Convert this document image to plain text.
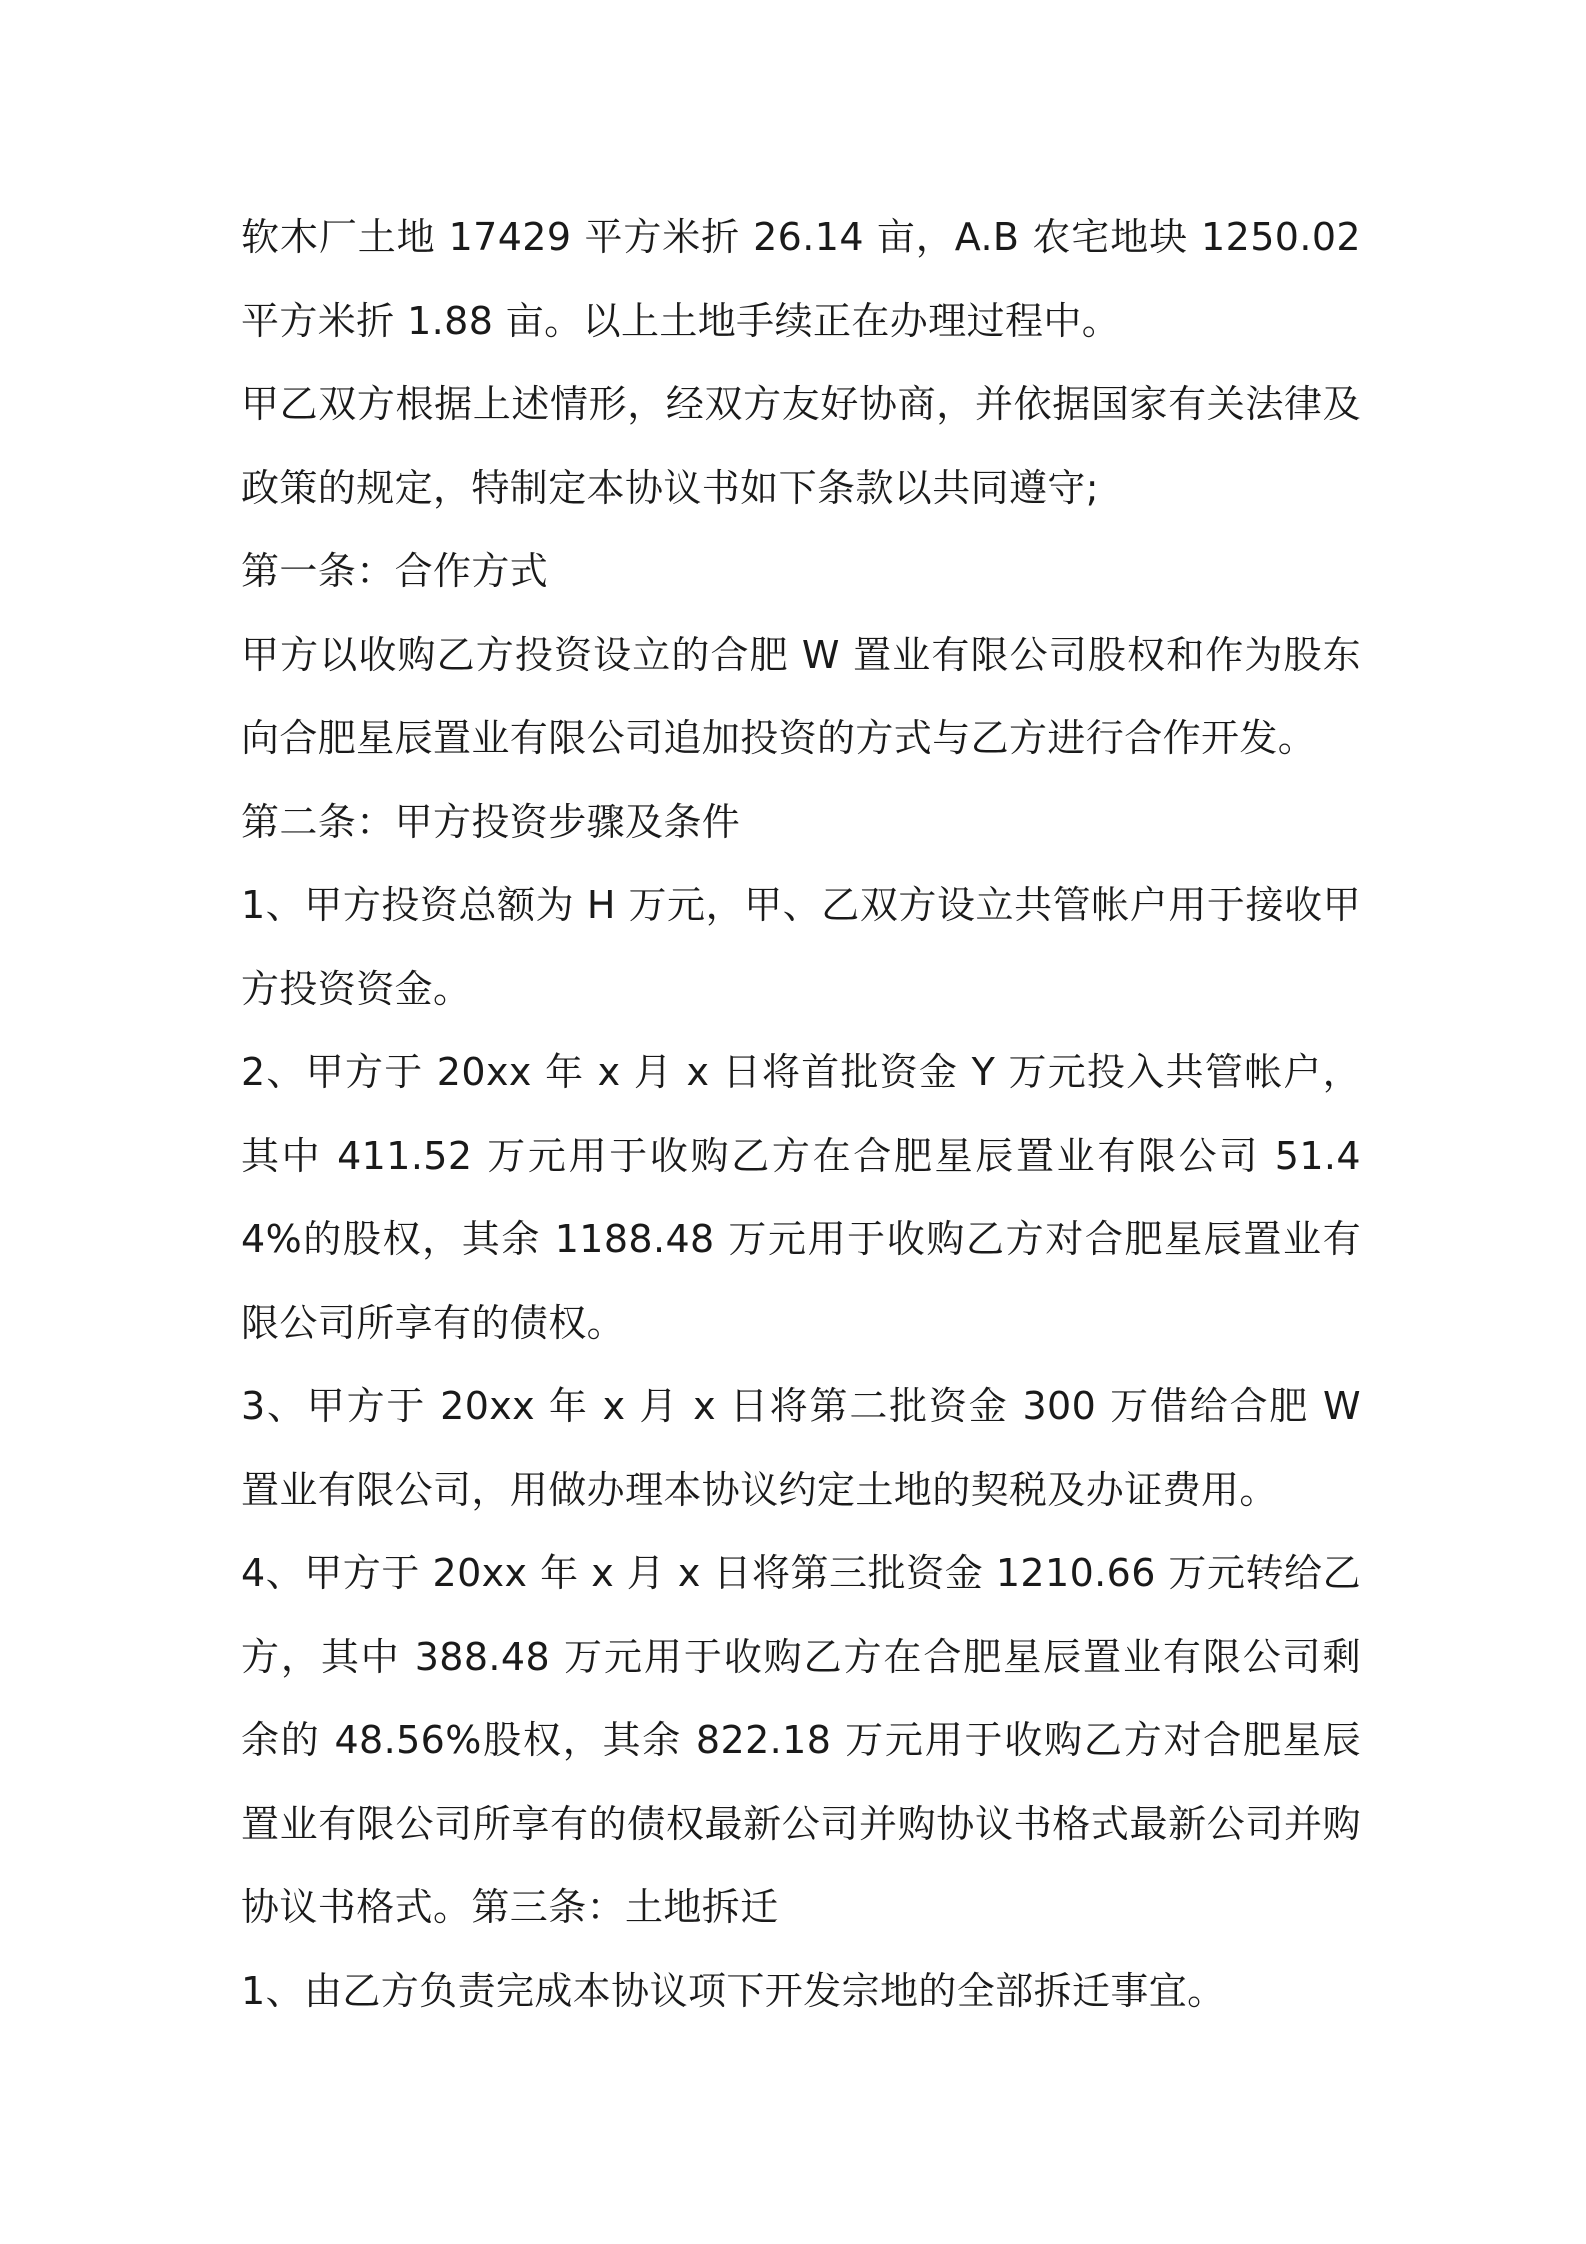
软木厂土地 17429 平方米折 26.14 亩，A.B 农宅地块 1250.02 平方米折 1.88 亩。以上土地手续正在办理过程中。

甲乙双方根据上述情形，经双方友好协商，并依据国家有关法律及政策的规定，特制定本协议书如下条款以共同遵守;

第一条：合作方式

甲方以收购乙方投资设立的合肥 W 置业有限公司股权和作为股东向合肥星辰置业有限公司追加投资的方式与乙方进行合作开发。

第二条：甲方投资步骤及条件

1、甲方投资总额为 H 万元，甲、乙双方设立共管帐户用于接收甲方投资资金。

2、甲方于 20xx 年 x 月 x 日将首批资金 Y 万元投入共管帐户，其中 411.52 万元用于收购乙方在合肥星辰置业有限公司 51.44%的股权，其余 1188.48 万元用于收购乙方对合肥星辰置业有限公司所享有的债权。

3、甲方于 20xx 年 x 月 x 日将第二批资金 300 万借给合肥 W 置业有限公司，用做办理本协议约定土地的契税及办证费用。

4、甲方于 20xx 年 x 月 x 日将第三批资金 1210.66 万元转给乙方，其中 388.48 万元用于收购乙方在合肥星辰置业有限公司剩余的 48.56%股权，其余 822.18 万元用于收购乙方对合肥星辰置业有限公司所享有的债权最新公司并购协议书格式最新公司并购协议书格式。第三条：土地拆迁

1、由乙方负责完成本协议项下开发宗地的全部拆迁事宜。
